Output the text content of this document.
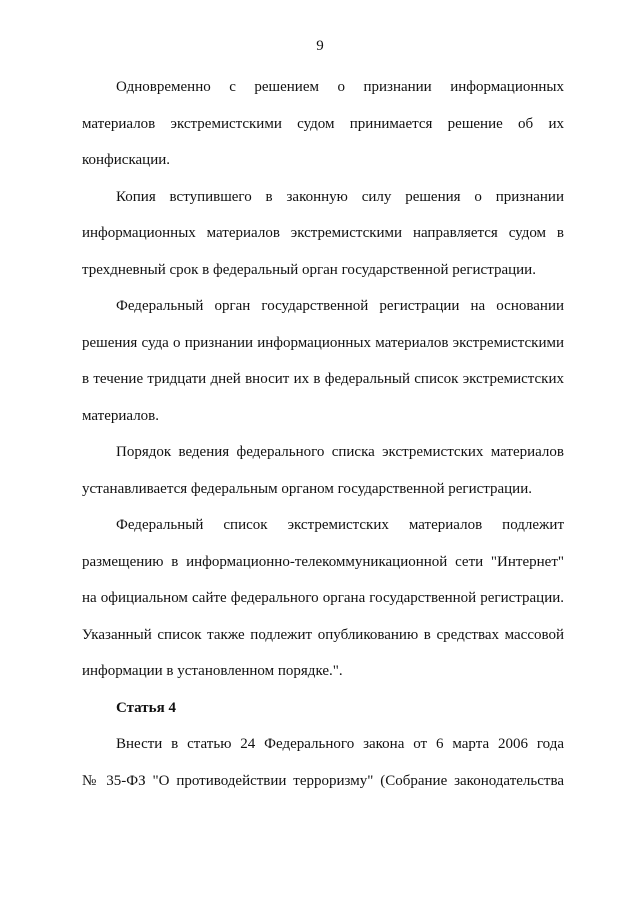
9

Одновременно с решением о признании информационных материалов экстремистскими судом принимается решение об их конфискации.

Копия вступившего в законную силу решения о признании информационных материалов экстремистскими направляется судом в трехдневный срок в федеральный орган государственной регистрации.

Федеральный орган государственной регистрации на основании решения суда о признании информационных материалов экстремистскими в течение тридцати дней вносит их в федеральный список экстремистских материалов.

Порядок ведения федерального списка экстремистских материалов устанавливается федеральным органом государственной регистрации.

Федеральный список экстремистских материалов подлежит размещению в информационно-телекоммуникационной сети "Интернет" на официальном сайте федерального органа государственной регистрации. Указанный список также подлежит опубликованию в средствах массовой информации в установленном порядке.".

Статья 4

Внести в статью 24 Федерального закона от 6 марта 2006 года

№ 35-ФЗ "О противодействии терроризму" (Собрание законодательства
